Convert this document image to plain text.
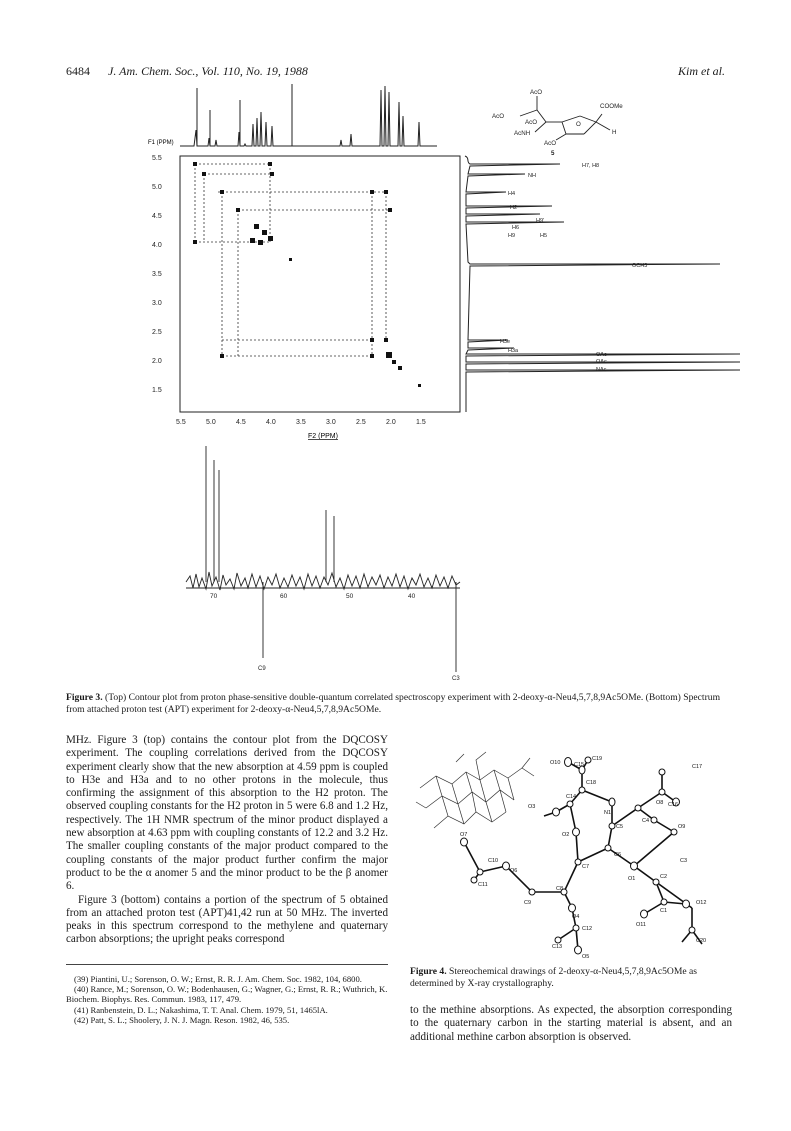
6484 J. Am. Chem. Soc., Vol. 110, No. 19, 1988	Kim et al.
F1 (PPM)
5.5
5.0
4.5
4.0
3.5
3.0
2.5
2.0
1.5
5.5	5.0	4.5	4.0	3.5	3.0	2.5	2.0	1.5
F2 (PPM)
H7, H8
NH
H4
H2
H9'
H6
H9	H5
OCH3
H3e
H3a
OAc
OAc
NAc
AcO
AcO
COOMe
AcO	O
AcNH
AcO
H
5
70	60	50	40
C9
C3
Figure 3. (Top) Contour plot from proton phase-sensitive double-quantum correlated spectroscopy experiment with 2-deoxy-α-Neu4,5,7,8,9Ac5OMe. (Bottom) Spectrum from attached proton test (APT) experiment for 2-deoxy-α-Neu4,5,7,8,9Ac5OMe.

MHz. Figure 3 (top) contains the contour plot from the DQCOSY experiment. The coupling correlations derived from the DQCOSY experiment clearly show that the new absorption at 4.59 ppm is coupled to H3e and H3a and to no other protons in the molecule, thus confirming the assignment of this absorption to the H2 proton. The observed coupling constants for the H2 proton in 5 were 6.8 and 1.2 Hz, respectively. The 1H NMR spectrum of the minor product displayed a new absorption at 4.63 ppm with coupling constants of 12.2 and 3.2 Hz. The smaller coupling constants of the major product compared to the coupling constants of the major product further confirm the major product to be the α anomer 5 and the minor product to be the β anomer 6.

Figure 3 (bottom) contains a portion of the spectrum of 5 obtained from an attached proton test (APT)41,42 run at 50 MHz. The inverted peaks in this spectrum correspond to the methylene and quaternary carbon absorptions; the upright peaks correspond

(39) Piantini, U.; Sorenson, O. W.; Ernst, R. R. J. Am. Chem. Soc. 1982, 104, 6800.

(40) Rance, M.; Sorenson, O. W.; Bodenhausen, G.; Wagner, G.; Ernst, R. R.; Wuthrich, K. Biochem. Biophys. Res. Commun. 1983, 117, 479.

(41) Ranbenstein, D. L.; Nakashima, T. T. Anal. Chem. 1979, 51, 1465lA.

(42) Patt, S. L.; Shoolery, J. N. J. Magn. Reson. 1982, 46, 535.

O10 C15
C19
C18
C17
O3
C14
N1
O8 C16
C5
C4
O9
O7	O2
C6
C3
C10
O6
C7
C11
C8
O1	C2
C9
O4
C1
O12
O11
C12
C20
C13
O5
Figure 4. Stereochemical drawings of 2-deoxy-α-Neu4,5,7,8,9Ac5OMe as determined by X-ray crystallography.

to the methine absorptions. As expected, the absorption corresponding to the quaternary carbon in the starting material is absent, and an additional methine carbon absorption is observed.
